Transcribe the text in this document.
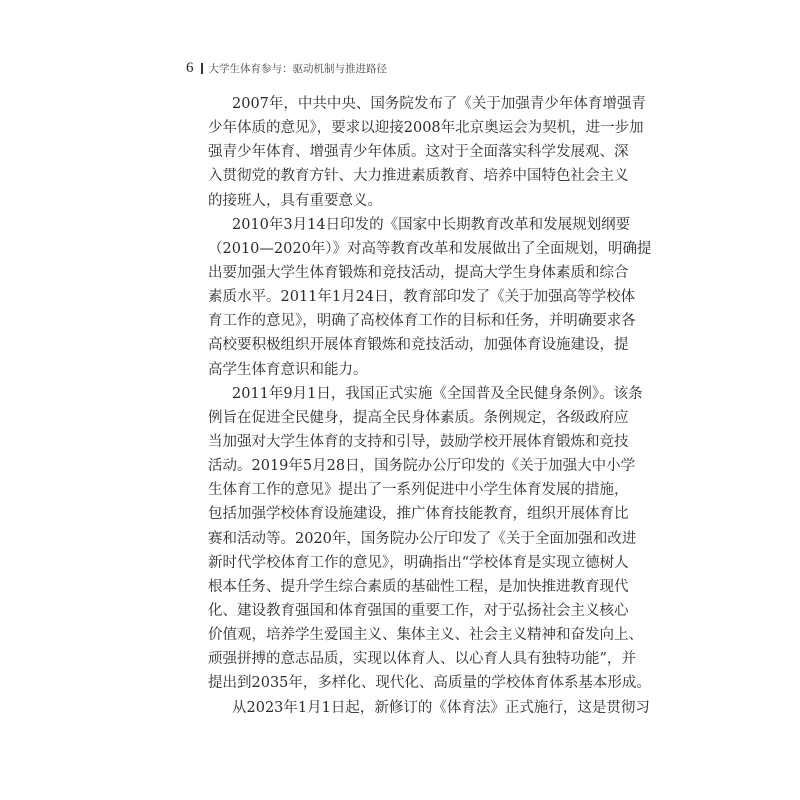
6 大学生体育参与：驱动机制与推进路径
2007年，中共中央、国务院发布了《关于加强青少年体育增强青
少年体质的意见》，要求以迎接2008年北京奥运会为契机，进一步加
强青少年体育、增强青少年体质。这对于全面落实科学发展观、深
入贯彻党的教育方针、大力推进素质教育、培养中国特色社会主义
的接班人，具有重要意义。
2010年3月14日印发的《国家中长期教育改革和发展规划纲要
（2010—2020年）》对高等教育改革和发展做出了全面规划，明确提
出要加强大学生体育锻炼和竞技活动，提高大学生身体素质和综合
素质水平。2011年1月24日，教育部印发了《关于加强高等学校体
育工作的意见》，明确了高校体育工作的目标和任务，并明确要求各
高校要积极组织开展体育锻炼和竞技活动，加强体育设施建设，提
高学生体育意识和能力。
2011年9月1日，我国正式实施《全国普及全民健身条例》。该条
例旨在促进全民健身，提高全民身体素质。条例规定，各级政府应
当加强对大学生体育的支持和引导，鼓励学校开展体育锻炼和竞技
活动。2019年5月28日，国务院办公厅印发的《关于加强大中小学
生体育工作的意见》提出了一系列促进中小学生体育发展的措施，
包括加强学校体育设施建设，推广体育技能教育，组织开展体育比
赛和活动等。2020年，国务院办公厅印发了《关于全面加强和改进
新时代学校体育工作的意见》，明确指出“学校体育是实现立德树人
根本任务、提升学生综合素质的基础性工程，是加快推进教育现代
化、建设教育强国和体育强国的重要工作，对于弘扬社会主义核心
价值观，培养学生爱国主义、集体主义、社会主义精神和奋发向上、
顽强拼搏的意志品质，实现以体育人、以心育人具有独特功能”，并
提出到2035年，多样化、现代化、高质量的学校体育体系基本形成。
从2023年1月1日起，新修订的《体育法》正式施行，这是贯彻习
